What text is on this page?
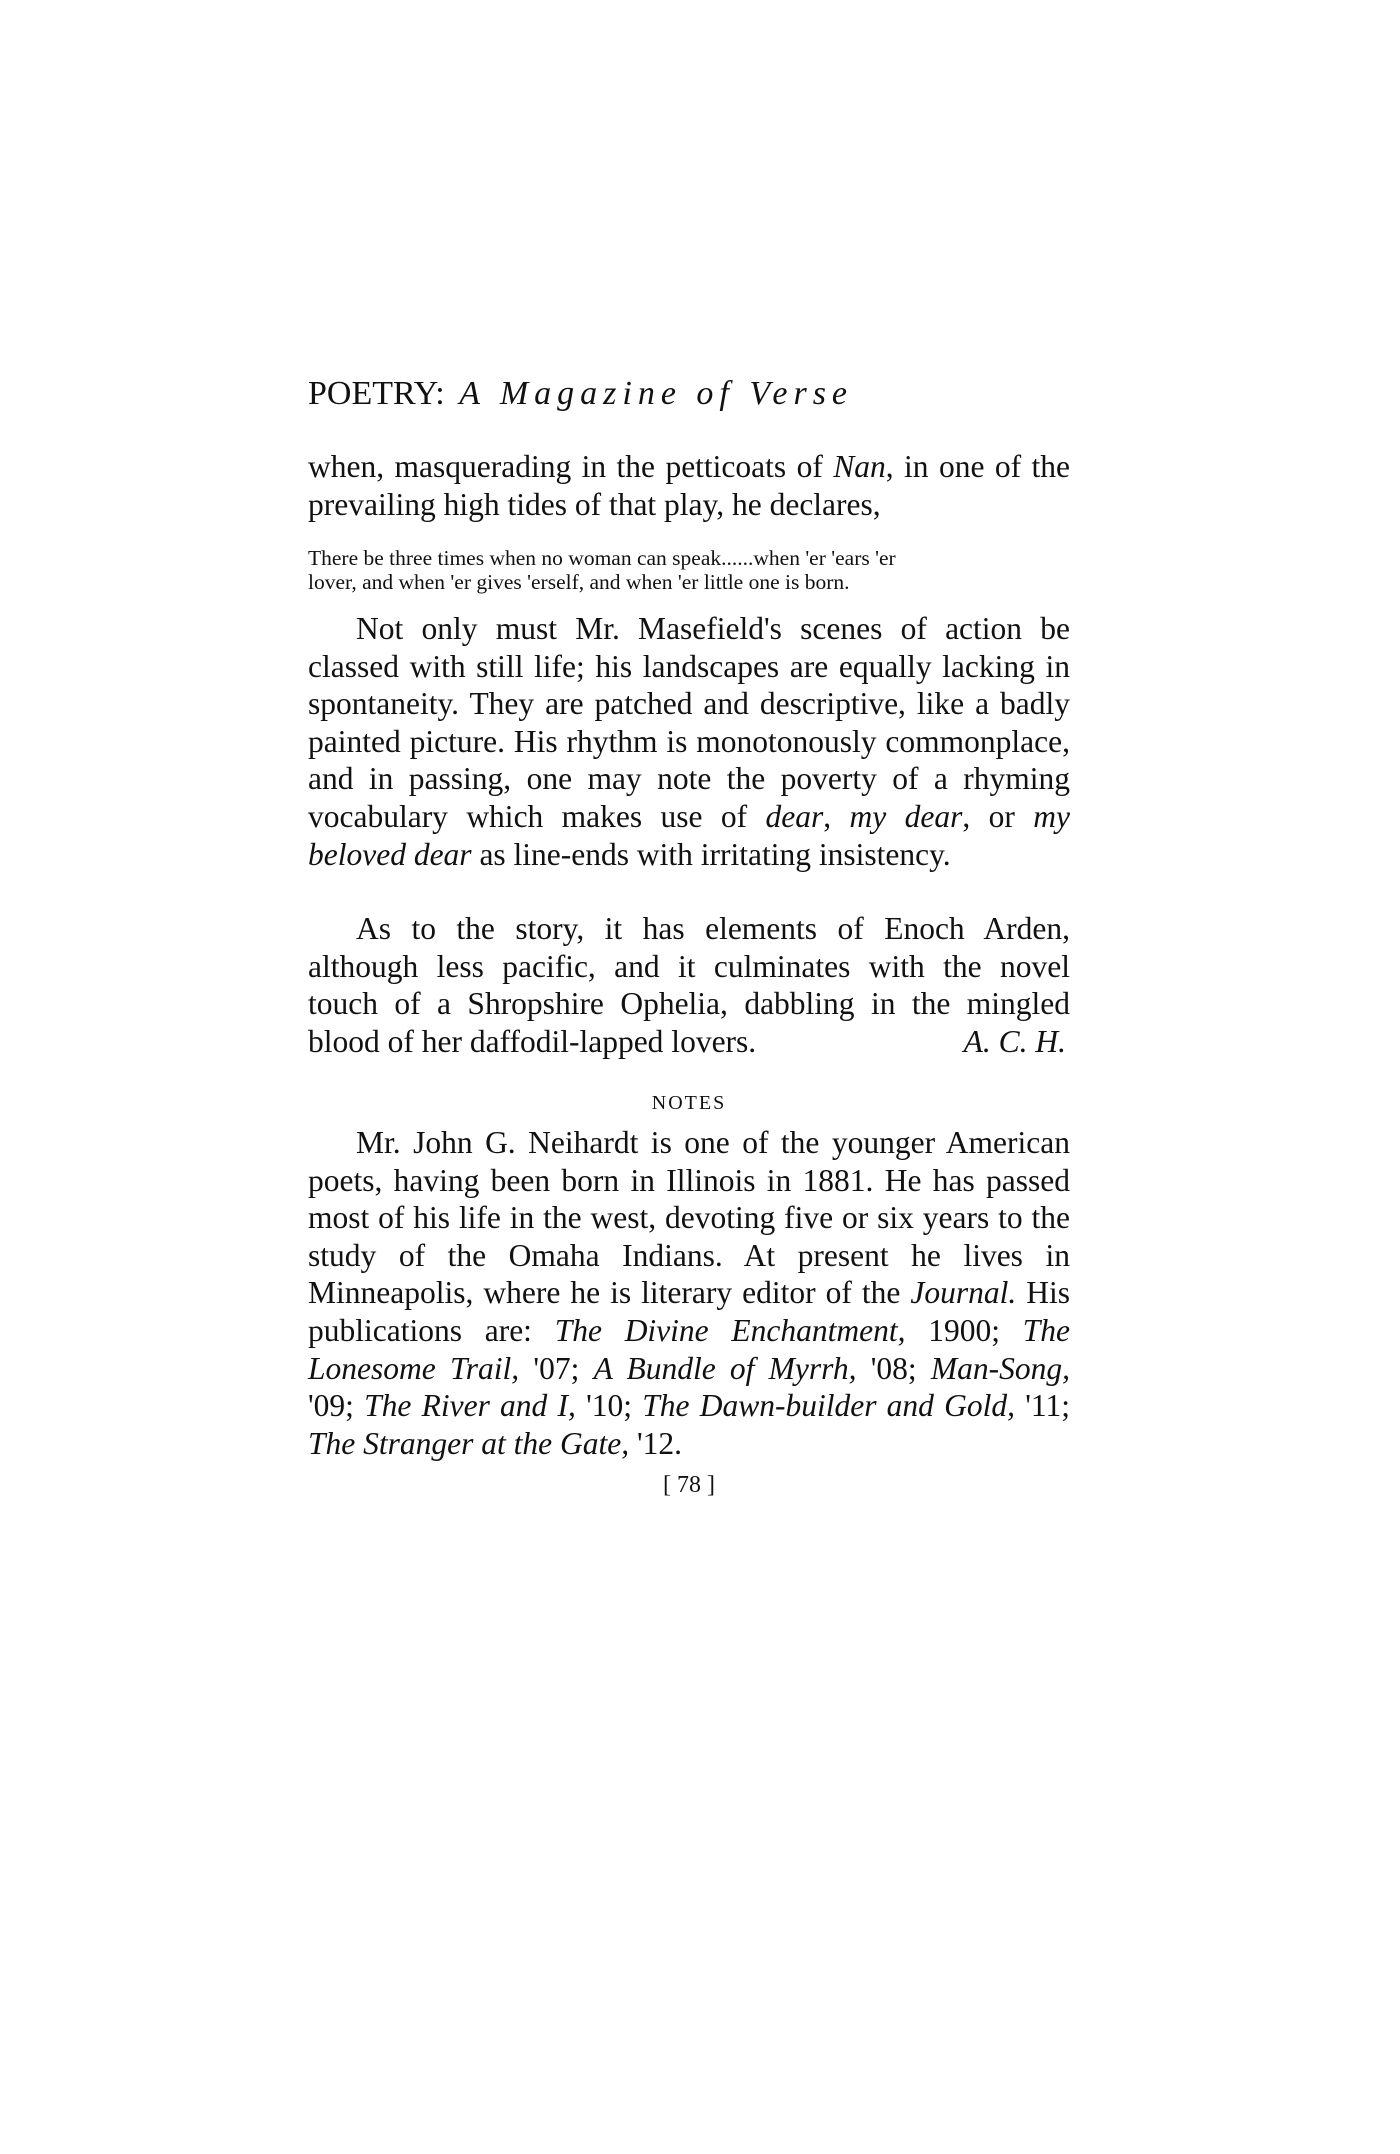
POETRY: A Magazine of Verse

when, masquerading in the petticoats of Nan, in one of the prevailing high tides of that play, he declares,

There be three times when no woman can speak......when 'er 'ears 'er
lover, and when 'er gives 'erself, and when 'er little one is born.

Not only must Mr. Masefield's scenes of action be classed with still life; his landscapes are equally lacking in spontaneity. They are patched and descriptive, like a badly painted picture. His rhythm is monotonously commonplace, and in passing, one may note the poverty of a rhyming vocabulary which makes use of dear, my dear, or my beloved dear as line-ends with irritating insistency.

As to the story, it has elements of Enoch Arden,
although less pacific, and it culminates with the novel
touch of a Shropshire Ophelia, dabbling in the mingled
blood of her daffodil-lapped lovers.	A. C. H.
NOTES

Mr. John G. Neihardt is one of the younger American poets, having been born in Illinois in 1881. He has passed most of his life in the west, devoting five or six years to the study of the Omaha Indians. At present he lives in Minneapolis, where he is literary editor of the Journal. His publications are: The Divine Enchantment, 1900; The Lonesome Trail, '07; A Bundle of Myrrh, '08; Man-Song, '09; The River and I, '10; The Dawn-builder and Gold, '11; The Stranger at the Gate, '12.

[ 78 ]
